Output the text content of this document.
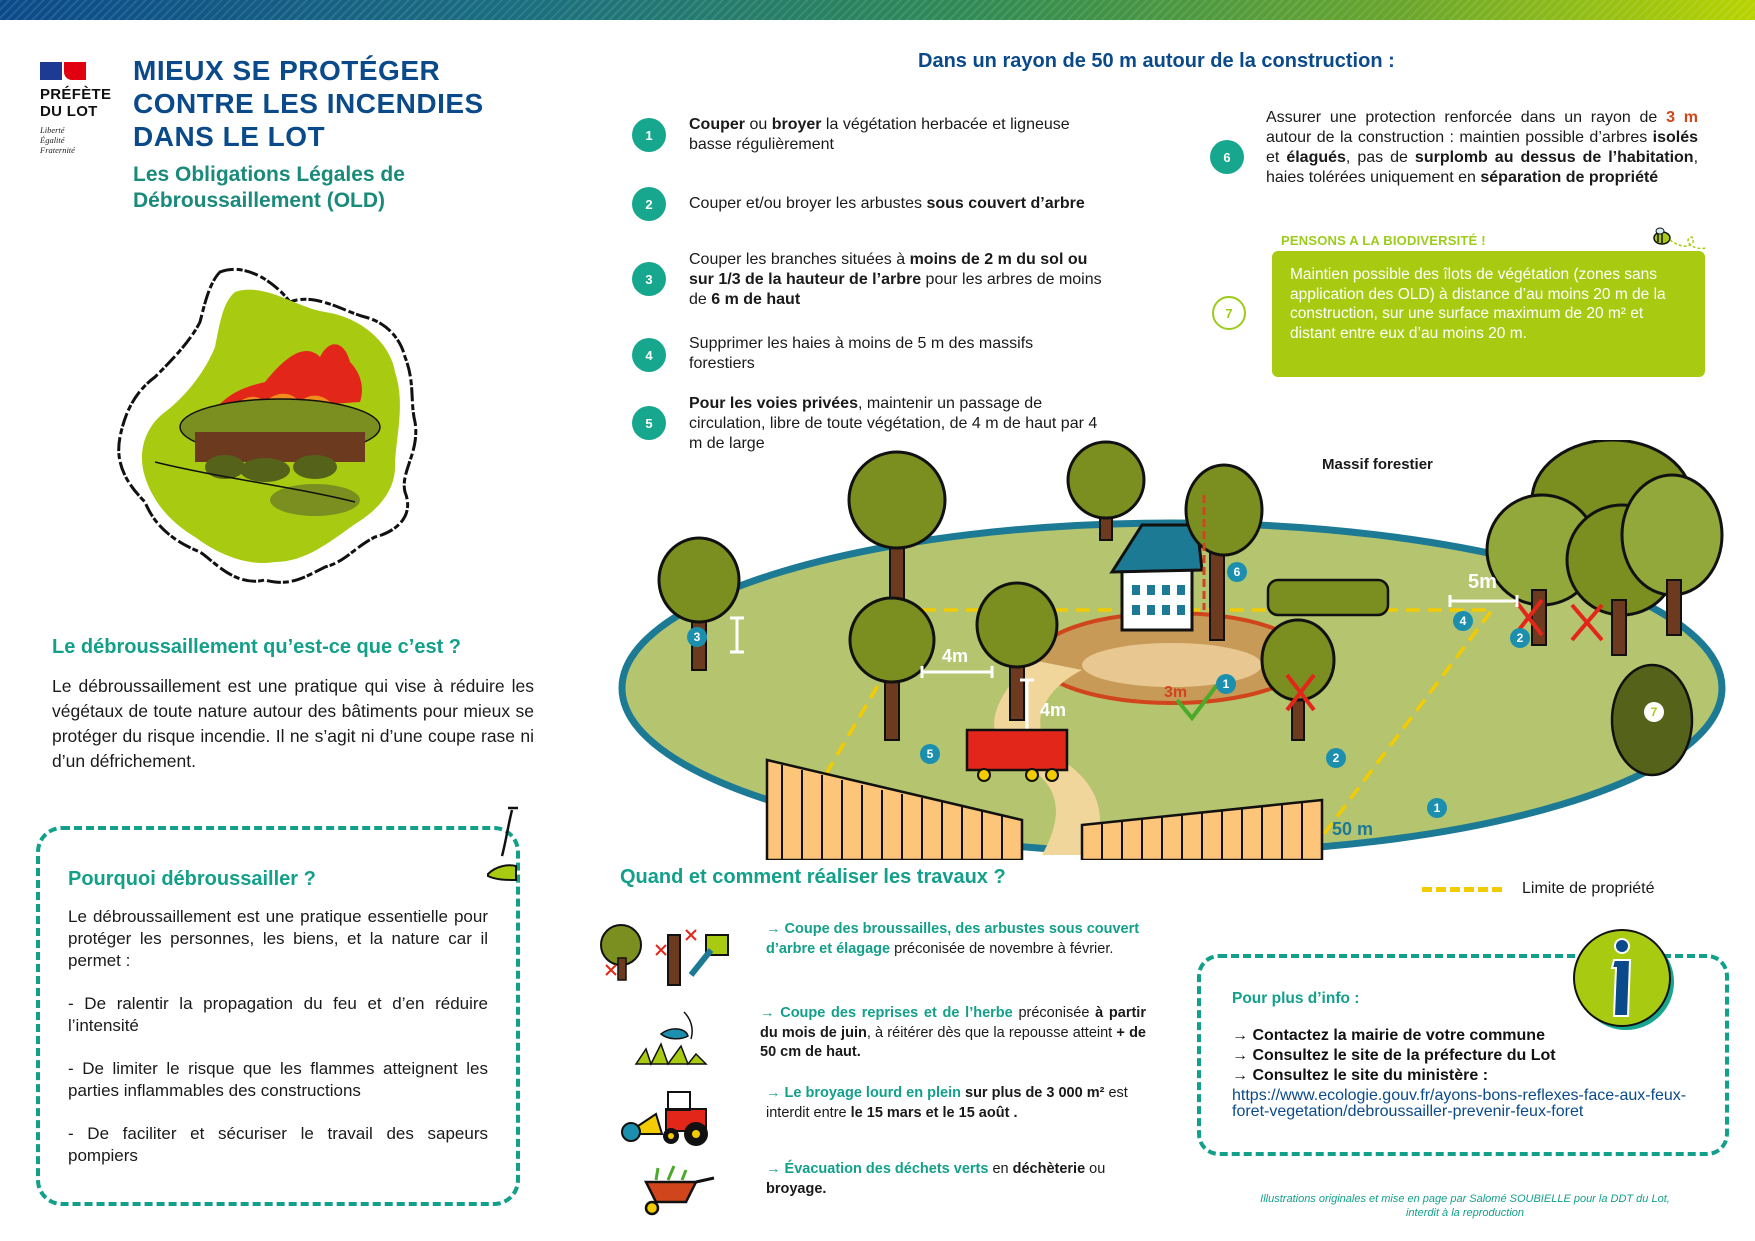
PRÉFÈTE
DU LOT
Liberté
Égalité
Fraternité
MIEUX SE PROTÉGER
CONTRE LES INCENDIES
DANS LE LOT
Les Obligations Légales de
Débroussaillement (OLD)
Le débroussaillement qu’est-ce que c’est ?
Le débroussaillement est une pratique qui vise à réduire les végétaux de toute nature autour des bâtiments pour mieux se protéger du risque incendie. Il ne s’agit ni d’une coupe rase ni d’un défrichement.
Pourquoi débroussailler ?

Le débroussaillement est une pratique essentielle pour protéger les personnes, les biens, et la nature car il permet :

- De ralentir la propagation du feu et d’en réduire l’intensité

- De limiter le risque que les flammes atteignent les parties inflammables des constructions

- De faciliter et sécuriser le travail des sapeurs pompiers

Dans un rayon de 50 m autour de la construction :
1
Couper ou broyer la végétation herbacée et ligneuse basse régulièrement
2	Couper et/ou broyer les arbustes sous couvert d’arbre
3
Couper les branches situées à moins de 2 m du sol ou sur 1/3 de la hauteur de l’arbre pour les arbres de moins de 6 m de haut
4
Supprimer les haies à moins de 5 m des massifs forestiers
5
Pour les voies privées, maintenir un passage de circulation, libre de toute végétation, de 4 m de haut par 4 m de large
6
Assurer une protection renforcée dans un rayon de 3 m autour de la construction : maintien possible d’arbres isolés et élagués, pas de surplomb au dessus de l’habitation, haies tolérées uniquement en séparation de propriété
PENSONS A LA BIODIVERSITÉ !
7
Maintien possible des îlots de végétation (zones sans application des OLD) à distance d’au moins 20 m de la construction, sur une surface maximum de 20 m² et distant entre eux d’au moins 20 m.
3
5
6
1
4
2
2
1
7
4m
4m
5m
3m
50 m
Massif forestier
Limite de propriété
Quand et comment réaliser les travaux ?
→ Coupe des broussailles, des arbustes sous couvert d’arbre et élagage préconisée de novembre à février.
→ Coupe des reprises et de l’herbe préconisée à partir du mois de juin, à réitérer dès que la repousse atteint + de 50 cm de haut.
→ Le broyage lourd en plein sur plus de 3 000 m² est interdit entre le 15 mars et le 15 août .
→ Évacuation des déchets verts en déchèterie ou broyage.
Pour plus d’info :
→ Contactez la mairie de votre commune
→ Consultez le site de la préfecture du Lot
→ Consultez le site du ministère :
https://www.ecologie.gouv.fr/ayons-bons-reflexes-face-aux-feux-foret-vegetation/debroussailler-prevenir-feux-foret
Illustrations originales et mise en page par Salomé SOUBIELLE pour la DDT du Lot,
interdit à la reproduction
